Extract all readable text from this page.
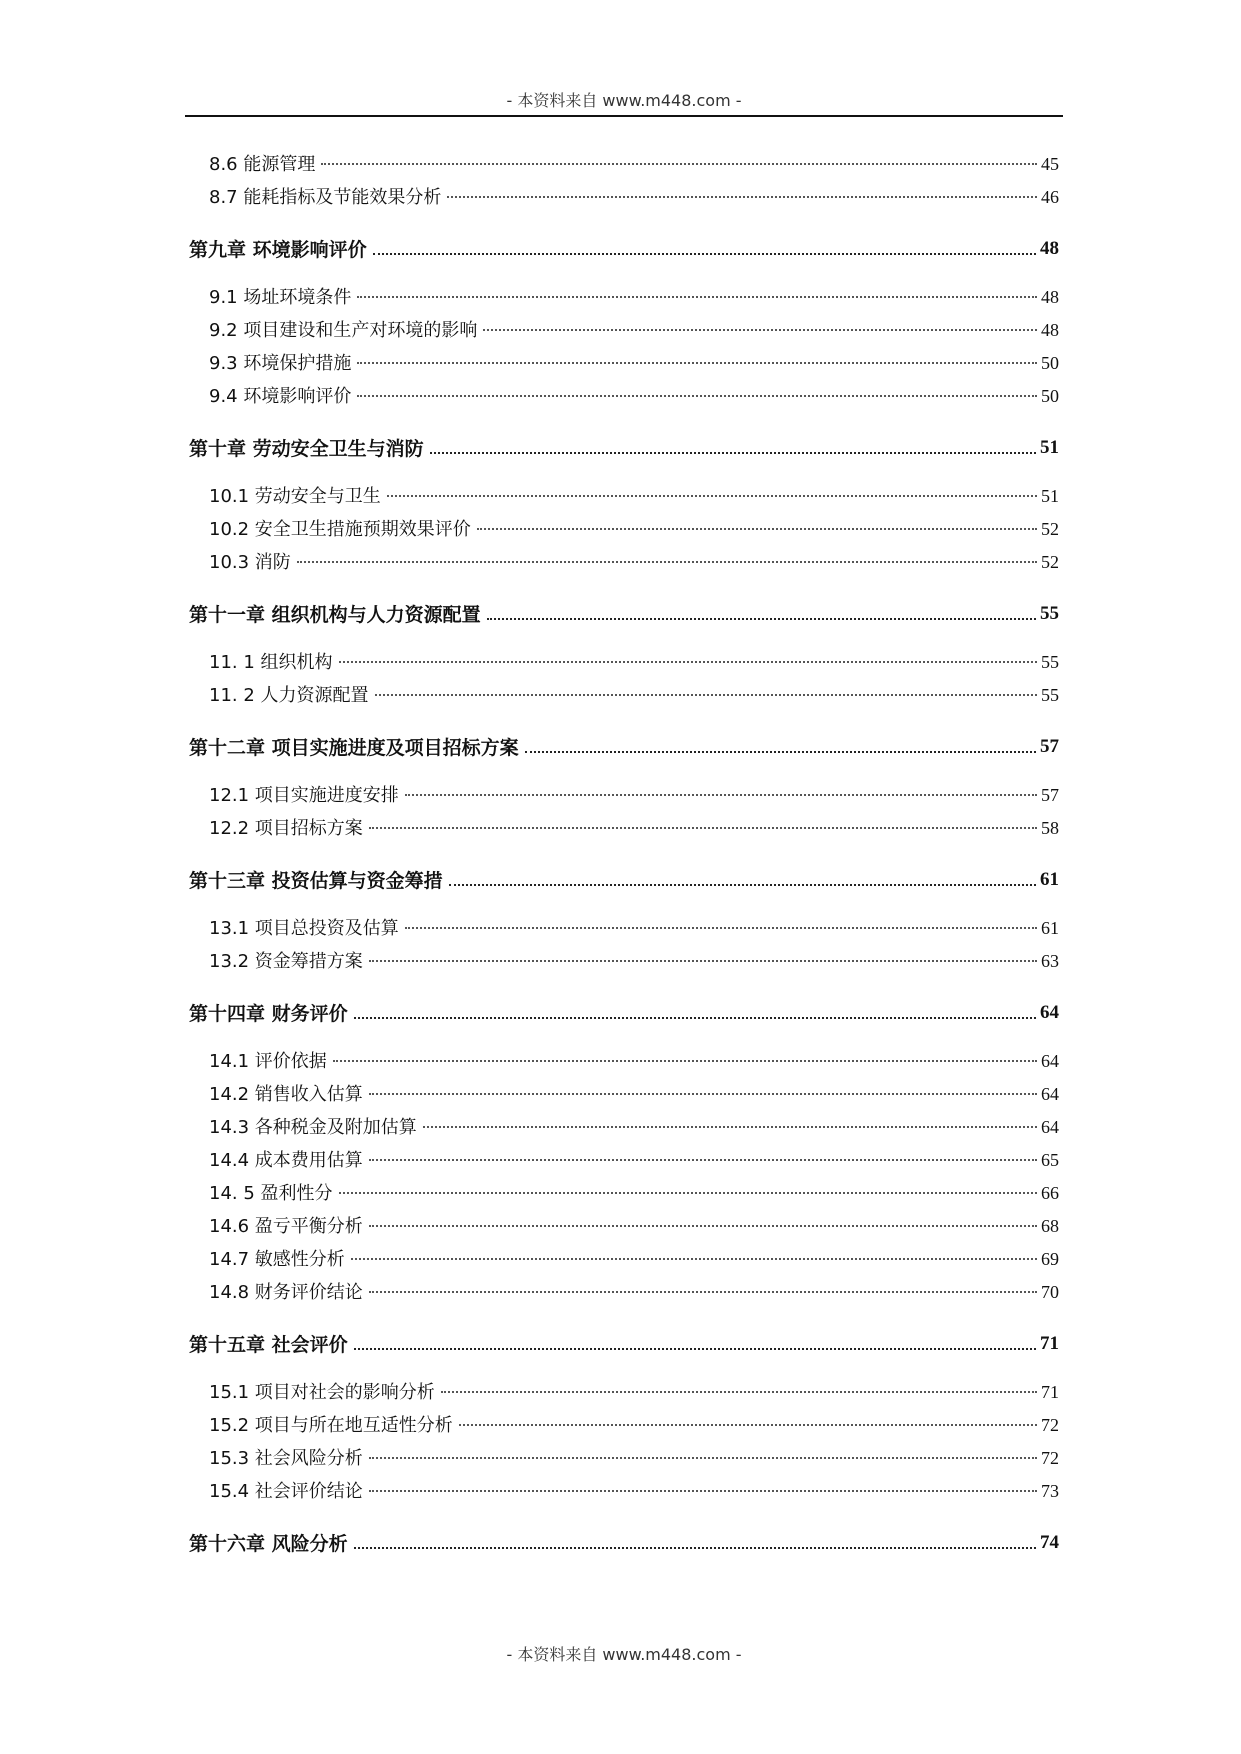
- 本资料来自 www.m448.com -
8.6 能源管理	45
8.7 能耗指标及节能效果分析	46
第九章 环境影响评价	48
9.1 场址环境条件	48
9.2 项目建设和生产对环境的影响	48
9.3 环境保护措施	50
9.4 环境影响评价	50
第十章 劳动安全卫生与消防	51
10.1 劳动安全与卫生	51
10.2 安全卫生措施预期效果评价	52
10.3 消防	52
第十一章 组织机构与人力资源配置	55
11. 1 组织机构	55
11. 2 人力资源配置	55
第十二章 项目实施进度及项目招标方案	57
12.1 项目实施进度安排	57
12.2 项目招标方案	58
第十三章 投资估算与资金筹措	61
13.1 项目总投资及估算	61
13.2 资金筹措方案	63
第十四章 财务评价	64
14.1 评价依据	64
14.2 销售收入估算	64
14.3 各种税金及附加估算	64
14.4 成本费用估算	65
14. 5 盈利性分	66
14.6 盈亏平衡分析	68
14.7 敏感性分析	69
14.8 财务评价结论	70
第十五章 社会评价	71
15.1 项目对社会的影响分析	71
15.2 项目与所在地互适性分析	72
15.3 社会风险分析	72
15.4 社会评价结论	73
第十六章 风险分析	74
- 本资料来自 www.m448.com -
